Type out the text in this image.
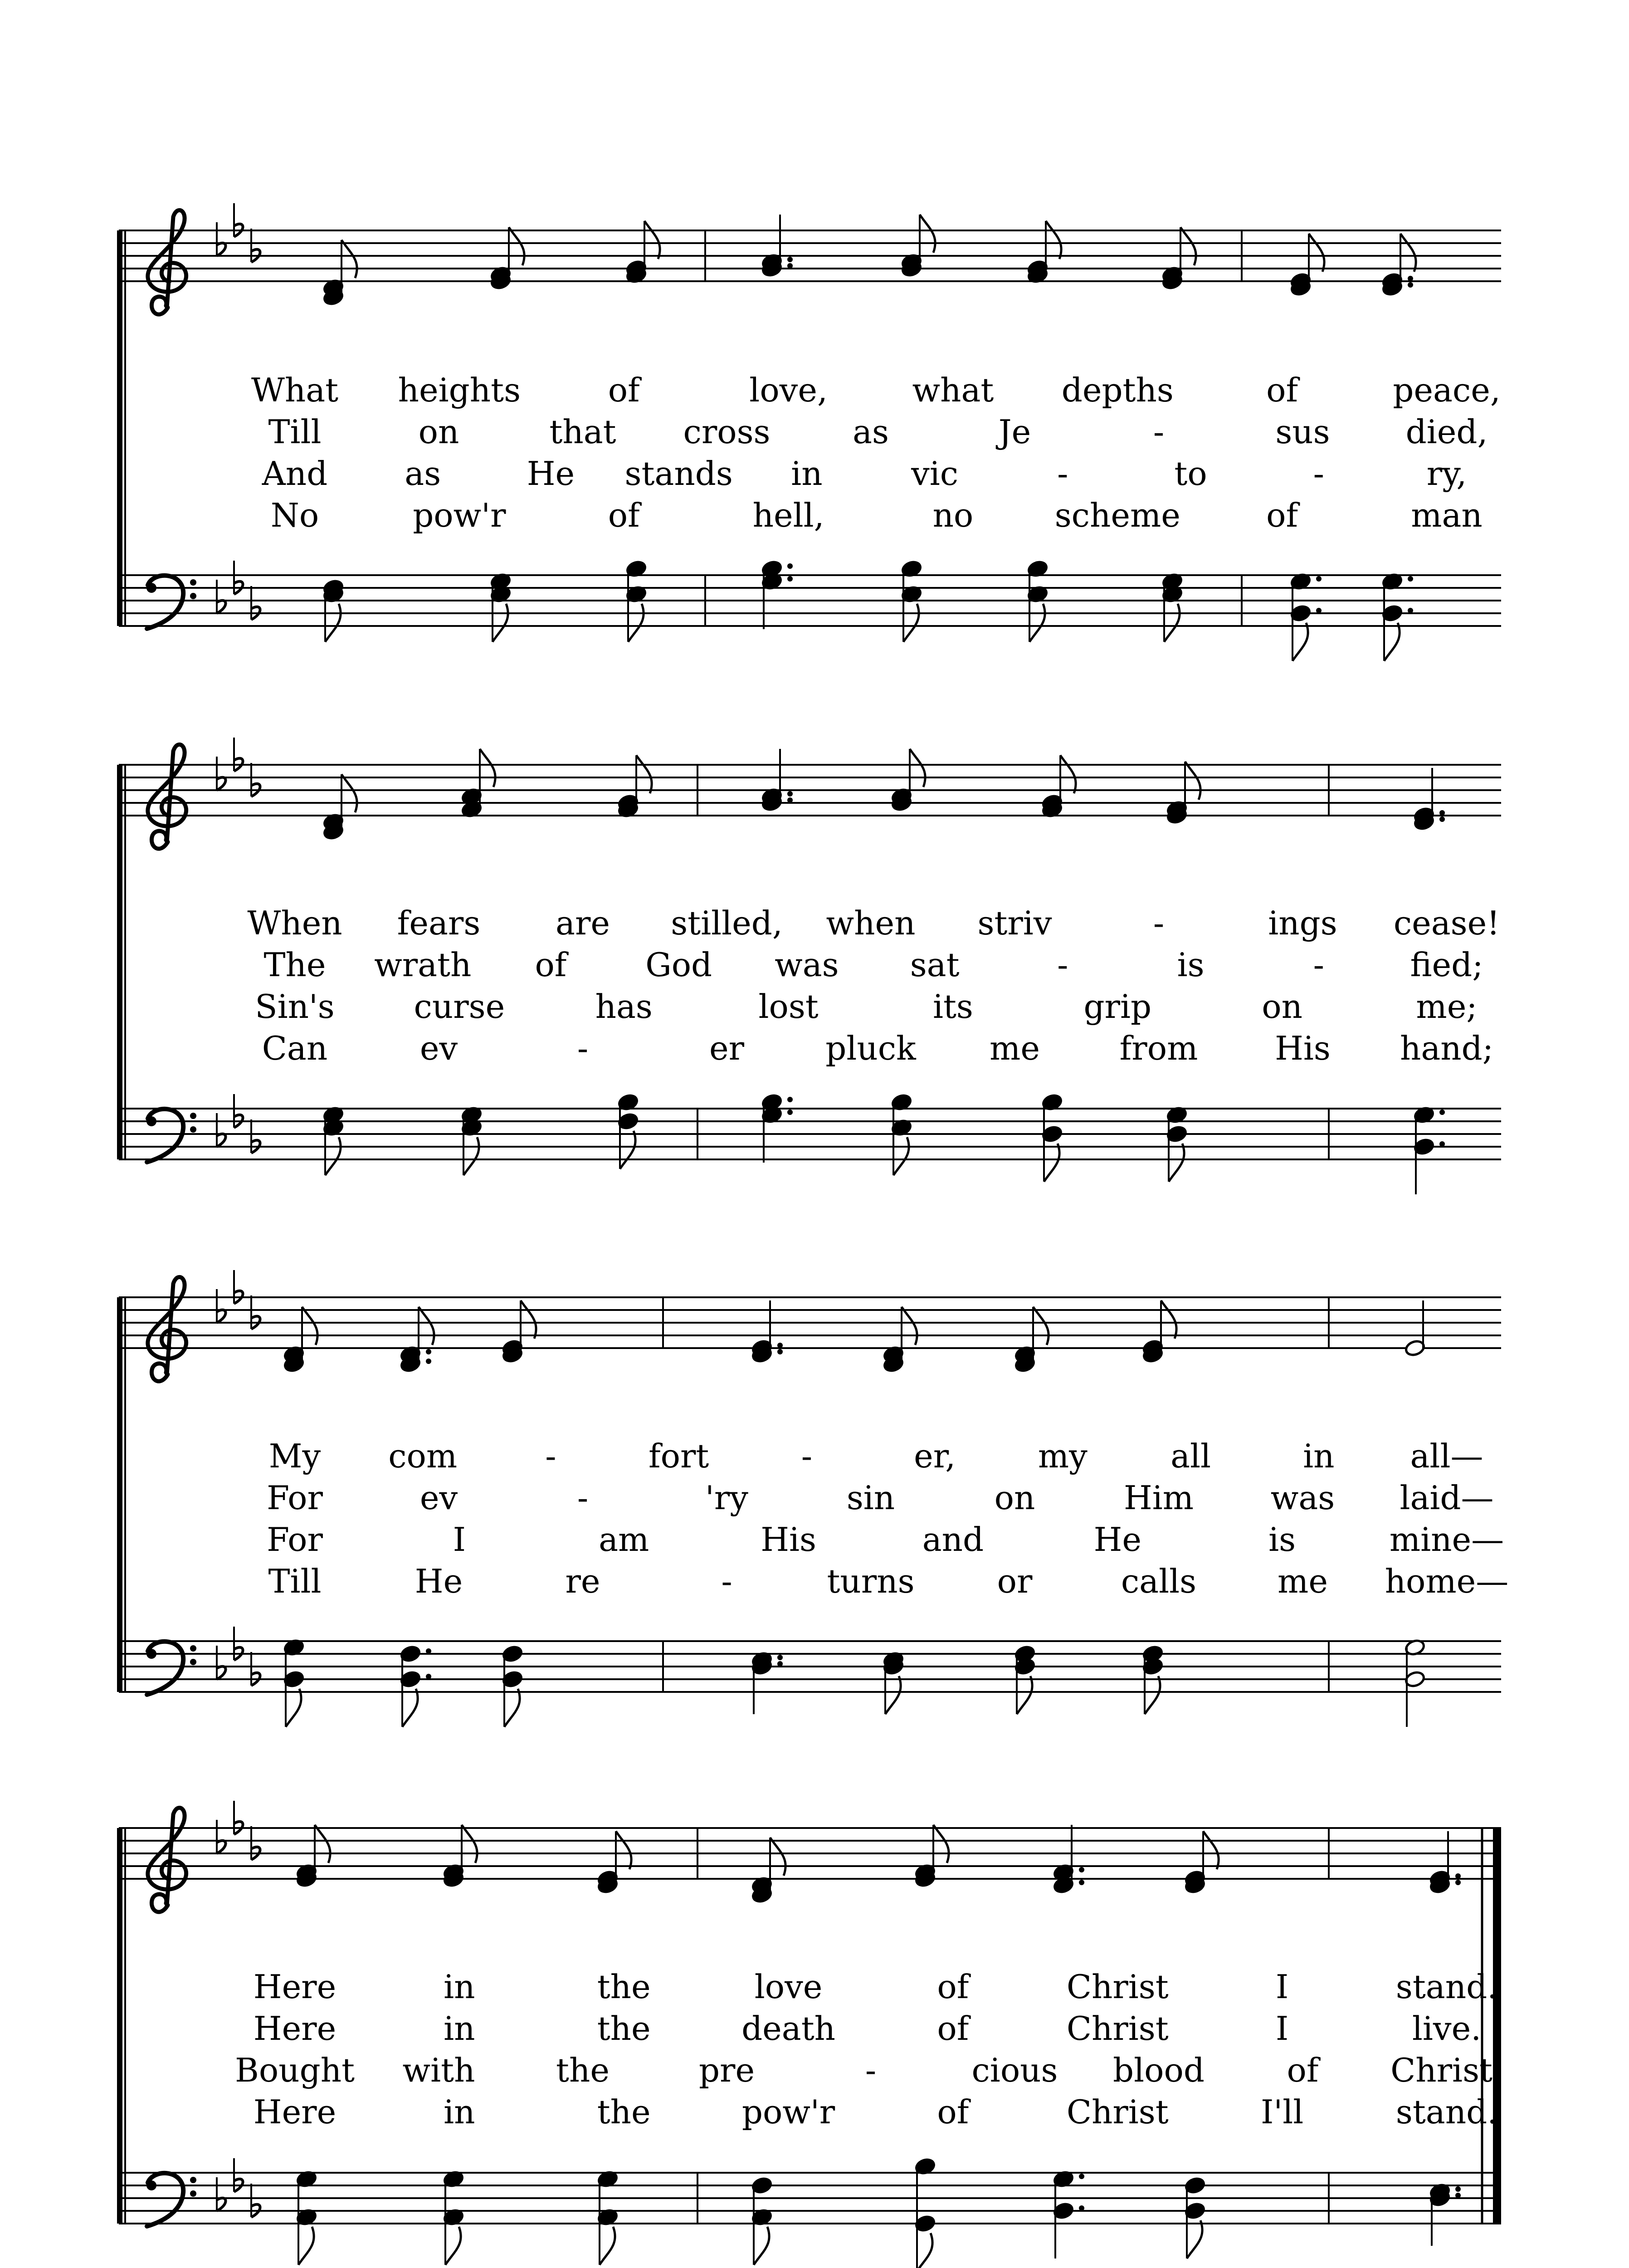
What heights	of	love,	what depths	of	peace,
Till	on	that cross	as	Je	-	sus died,
And as	He stands in	vic	-	to	-	ry,
No	pow'r	of	hell,	no scheme	of	man
When fears are stilled, when striv	-	ings cease!
The wrath of God was sat	-	is	-	fied;
Sin's curse	has	lost	its	grip	on	me;
Can	ev	-	er pluck me from His hand;
My com	-	fort	-	er,	my	all	in all—
For	ev	-	'ry	sin	on	Him was laid—
For	I	am	His	and	He	is	mine—
Till	He	re	-	turns	or	calls me home—
Here	in	the	love	of	Christ	I	stand.
Here	in	the	death	of	Christ	I	live.
Bought with the	pre	-	cious blood	of Christ.
Here	in	the	pow'r	of	Christ	I'll	stand.
